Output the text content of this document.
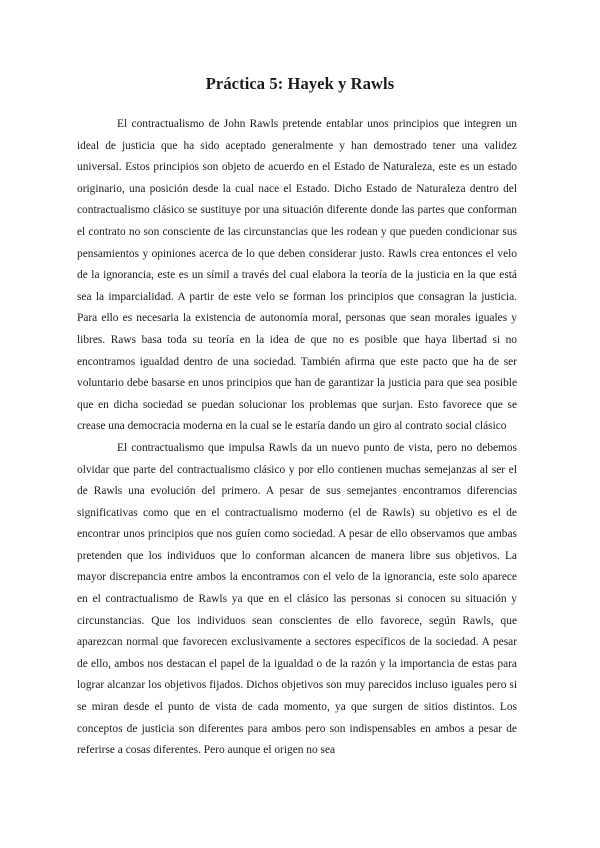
Práctica 5: Hayek y Rawls

El contractualismo de John Rawls pretende entablar unos principios que integren un ideal de justicia que ha sido aceptado generalmente y han demostrado tener una validez universal. Estos principios son objeto de acuerdo en el Estado de Naturaleza, este es un estado originario, una posición desde la cual nace el Estado. Dicho Estado de Naturaleza dentro del contractualismo clásico se sustituye por una situación diferente donde las partes que conforman el contrato no son consciente de las circunstancias que les rodean y que pueden condicionar sus pensamientos y opiniones acerca de lo que deben considerar justo. Rawls crea entonces el velo de la ignorancia, este es un símil a través del cual elabora la teoría de la justicia en la que está sea la imparcialidad. A partir de este velo se forman los principios que consagran la justicia. Para ello es necesaria la existencia de autonomía moral, personas que sean morales iguales y libres. Raws basa toda su teoría en la idea de que no es posible que haya libertad si no encontramos igualdad dentro de una sociedad. También afirma que este pacto que ha de ser voluntario debe basarse en unos principios que han de garantizar la justicia para que sea posible que en dicha sociedad se puedan solucionar los problemas que surjan. Esto favorece que se crease una democracia moderna en la cual se le estaría dando un giro al contrato social clásico

El contractualismo que impulsa Rawls da un nuevo punto de vista, pero no debemos olvidar que parte del contractualismo clásico y por ello contienen muchas semejanzas al ser el de Rawls una evolución del primero. A pesar de sus semejantes encontramos diferencias significativas como que en el contractualismo moderno (el de Rawls) su objetivo es el de encontrar unos principios que nos guíen como sociedad. A pesar de ello observamos que ambas pretenden que los individuos que lo conforman alcancen de manera libre sus objetivos. La mayor discrepancia entre ambos la encontramos con el velo de la ignorancia, este solo aparece en el contractualismo de Rawls ya que en el clásico las personas si conocen su situación y circunstancias. Que los individuos sean conscientes de ello favorece, según Rawls, que aparezcan normal que favorecen exclusivamente a sectores específicos de la sociedad. A pesar de ello, ambos nos destacan el papel de la igualdad o de la razón y la importancia de estas para lograr alcanzar los objetivos fijados. Dichos objetivos son muy parecidos incluso iguales pero si se miran desde el punto de vista de cada momento, ya que surgen de sitios distintos. Los conceptos de justicia son diferentes para ambos pero son indispensables en ambos a pesar de referirse a cosas diferentes. Pero aunque el origen no sea
